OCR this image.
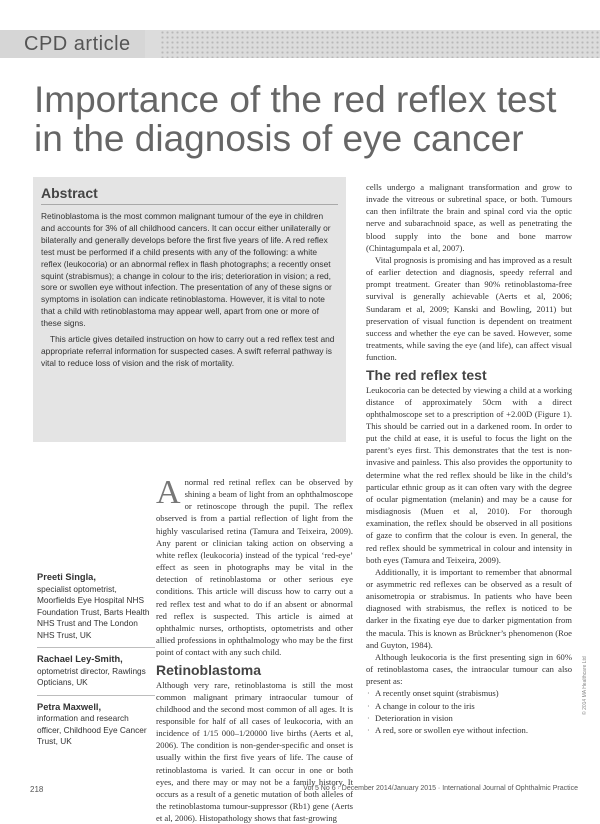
CPD article
Importance of the red reflex test in the diagnosis of eye cancer
Abstract

Retinoblastoma is the most common malignant tumour of the eye in children and accounts for 3% of all childhood cancers. It can occur either unilaterally or bilaterally and generally develops before the first five years of life. A red reflex test must be performed if a child presents with any of the following: a white reflex (leukocoria) or an abnormal reflex in flash photographs; a recently onset squint (strabismus); a change in colour to the iris; deterioration in vision; a red, sore or swollen eye without infection. The presentation of any of these signs or symptoms in isolation can indicate retinoblastoma. However, it is vital to note that a child with retinoblastoma may appear well, apart from one or more of these signs.

This article gives detailed instruction on how to carry out a red reflex test and appropriate referral information for suspected cases. A swift referral pathway is vital to reduce loss of vision and the risk of mortality.

Anormal red retinal reflex can be observed by shining a beam of light from an ophthalmoscope or retinoscope through the pupil. The reflex observed is from a partial reflection of light from the highly vascularised retina (Tamura and Teixeira, 2009). Any parent or clinician taking action on observing a white reflex (leukocoria) instead of the typical ‘red-eye’ effect as seen in photographs may be vital in the detection of retinoblastoma or other serious eye conditions. This article will discuss how to carry out a red reflex test and what to do if an absent or abnormal red reflex is suspected. This article is aimed at ophthalmic nurses, orthoptists, optometrists and other allied professions in ophthalmology who may be the first point of contact with any such child.

Retinoblastoma

Although very rare, retinoblastoma is still the most common malignant primary intraocular tumour of childhood and the second most common of all ages. It is responsible for half of all cases of leukocoria, with an incidence of 1/15 000–1/20000 live births (Aerts et al, 2006). The condition is non-gender-specific and onset is usually within the first five years of life. The cause of retinoblastoma is varied. It can occur in one or both eyes, and there may or may not be a family history. It occurs as a result of a genetic mutation of both alleles of the retinoblastoma tumour-suppressor (Rb1) gene (Aerts et al, 2006). Histopathology shows that fast-growing

cells undergo a malignant transformation and grow to invade the vitreous or subretinal space, or both. Tumours can then infiltrate the brain and spinal cord via the optic nerve and subarachnoid space, as well as penetrating the blood supply into the bone and bone marrow (Chintagumpala et al, 2007).

Vital prognosis is promising and has improved as a result of earlier detection and diagnosis, speedy referral and prompt treatment. Greater than 90% retinoblastoma-free survival is generally achievable (Aerts et al, 2006; Sundaram et al, 2009; Kanski and Bowling, 2011) but preservation of visual function is dependent on treatment success and whether the eye can be saved. However, some treatments, while saving the eye (and life), can affect visual function.

The red reflex test

Leukocoria can be detected by viewing a child at a working distance of approximately 50cm with a direct ophthalmoscope set to a prescription of +2.00D (Figure 1). This should be carried out in a darkened room. In order to put the child at ease, it is useful to focus the light on the parent’s eyes first. This demonstrates that the test is non-invasive and painless. This also provides the opportunity to determine what the red reflex should be like in the child’s particular ethnic group as it can often vary with the degree of ocular pigmentation (melanin) and may be a cause for misdiagnosis (Muen et al, 2010). For thorough examination, the reflex should be observed in all positions of gaze to confirm that the colour is even. In general, the red reflex should be symmetrical in colour and intensity in both eyes (Tamura and Teixeira, 2009).

Additionally, it is important to remember that abnormal or asymmetric red reflexes can be observed as a result of anisometropia or strabismus. In patients who have been diagnosed with strabismus, the reflex is noticed to be darker in the fixating eye due to darker pigmentation from the macula. This is known as Brückner’s phenomenon (Roe and Guyton, 1984).

Although leukocoria is the first presenting sign in 60% of retinoblastoma cases, the intraocular tumour can also present as:

· A recently onset squint (strabismus)
· A change in colour to the iris
· Deterioration in vision
· A red, sore or swollen eye without infection.
Preeti Singla,
specialist optometrist, Moorfields Eye Hospital NHS Foundation Trust, Barts Health NHS Trust and The London NHS Trust, UK
Rachael Ley-Smith,
optometrist director, Rawlings Opticians, UK
Petra Maxwell,
information and research officer, Childhood Eye Cancer Trust, UK
© 2014 MA Healthcare Ltd
218	Vol 5 No 6 · December 2014/January 2015 · International Journal of Ophthalmic Practice
